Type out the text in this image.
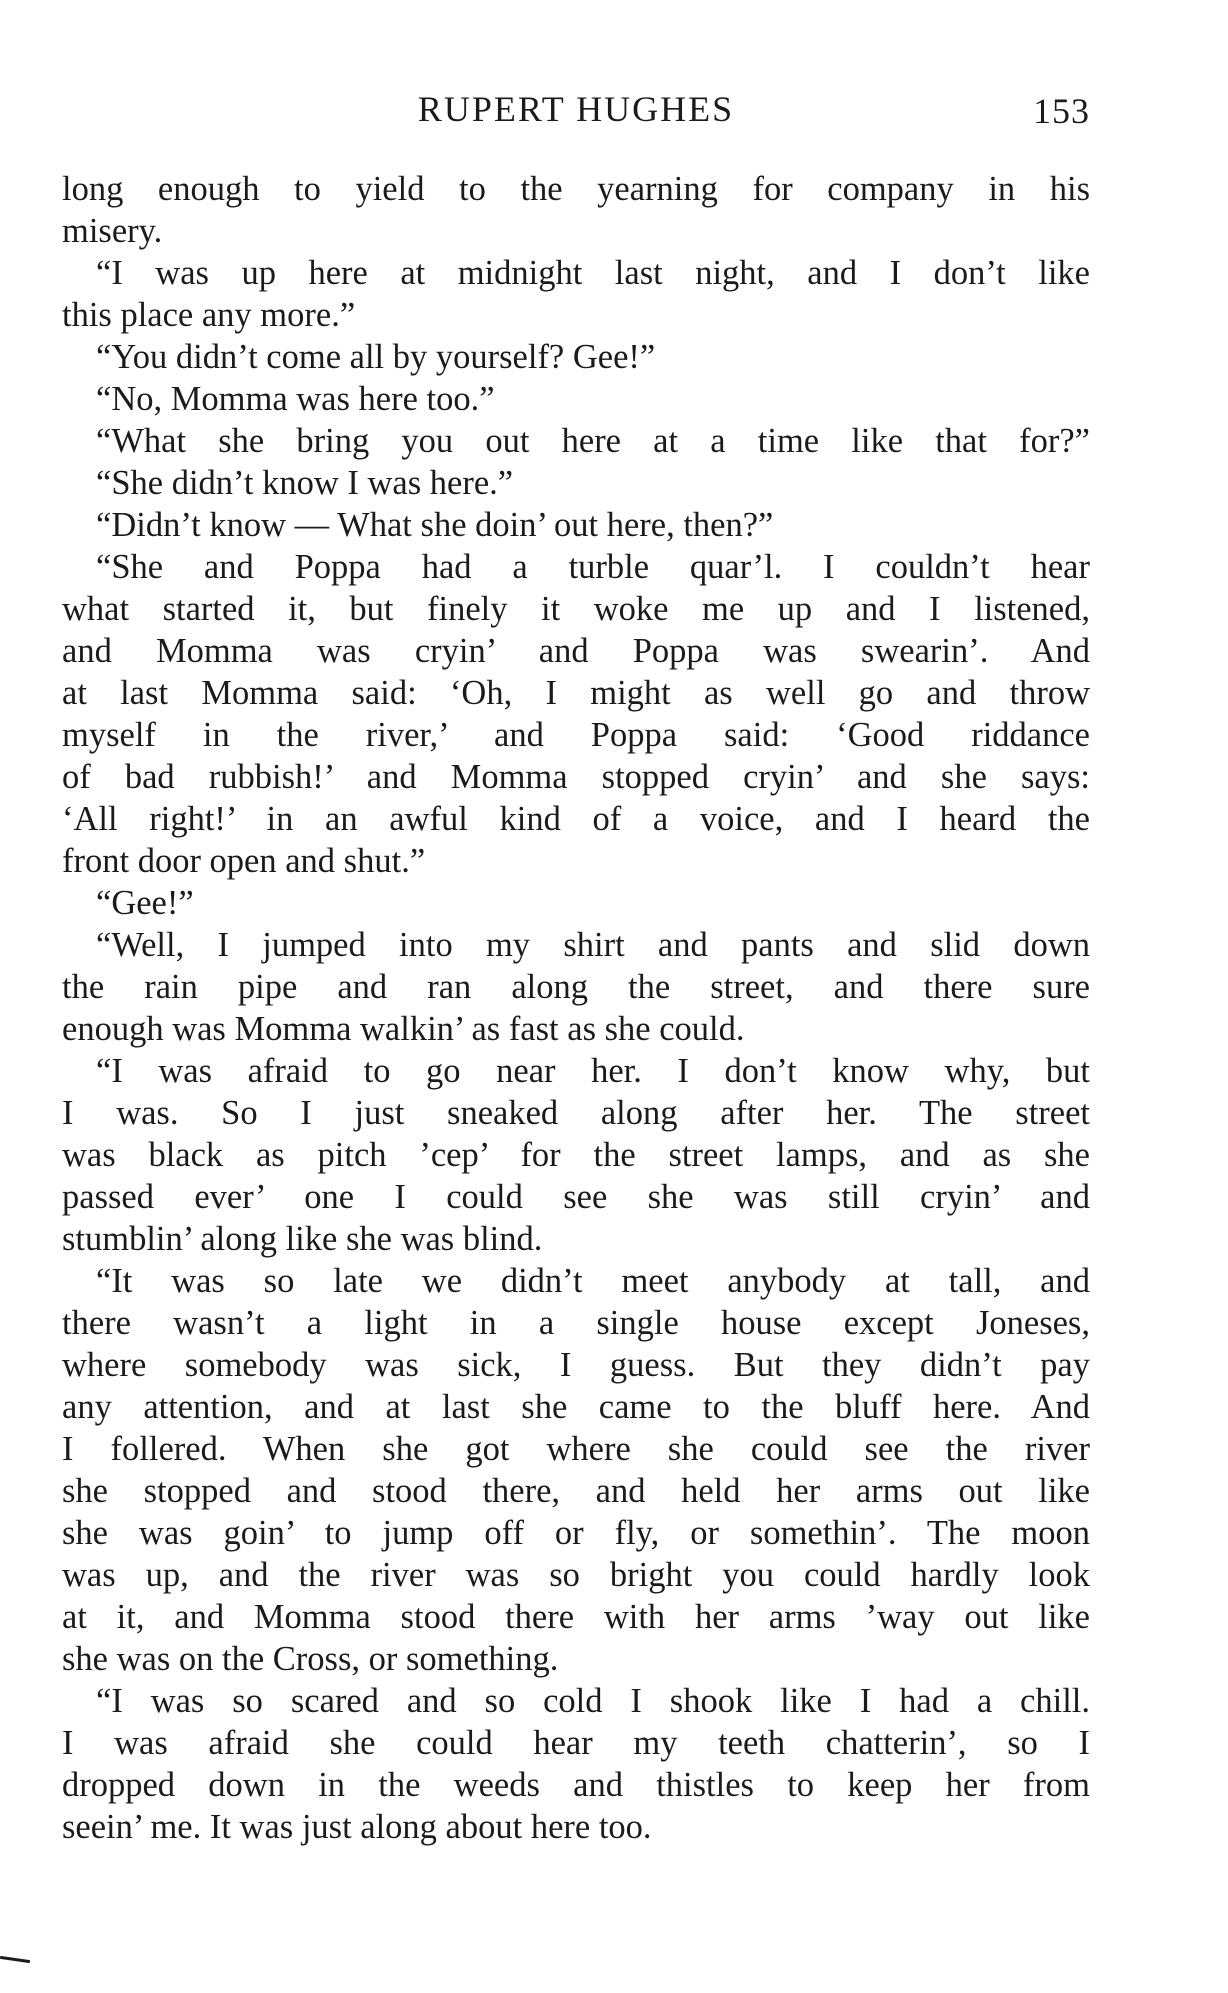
RUPERT HUGHES	153
long enough to yield to the yearning for company in his
misery.
“I was up here at midnight last night, and I don’t like
this place any more.”
“You didn’t come all by yourself? Gee!”
“No, Momma was here too.”
“What she bring you out here at a time like that for?”
“She didn’t know I was here.”
“Didn’t know — What she doin’ out here, then?”
“She and Poppa had a turble quar’l. I couldn’t hear
what started it, but finely it woke me up and I listened,
and Momma was cryin’ and Poppa was swearin’. And
at last Momma said: ‘Oh, I might as well go and throw
myself in the river,’ and Poppa said: ‘Good riddance
of bad rubbish!’ and Momma stopped cryin’ and she says:
‘All right!’ in an awful kind of a voice, and I heard the
front door open and shut.”
“Gee!”
“Well, I jumped into my shirt and pants and slid down
the rain pipe and ran along the street, and there sure
enough was Momma walkin’ as fast as she could.
“I was afraid to go near her. I don’t know why, but
I was. So I just sneaked along after her. The street
was black as pitch ’cep’ for the street lamps, and as she
passed ever’ one I could see she was still cryin’ and
stumblin’ along like she was blind.
“It was so late we didn’t meet anybody at tall, and
there wasn’t a light in a single house except Joneses,
where somebody was sick, I guess. But they didn’t pay
any attention, and at last she came to the bluff here. And
I follered. When she got where she could see the river
she stopped and stood there, and held her arms out like
she was goin’ to jump off or fly, or somethin’. The moon
was up, and the river was so bright you could hardly look
at it, and Momma stood there with her arms ’way out like
she was on the Cross, or something.
“I was so scared and so cold I shook like I had a chill.
I was afraid she could hear my teeth chatterin’, so I
dropped down in the weeds and thistles to keep her from
seein’ me. It was just along about here too.
